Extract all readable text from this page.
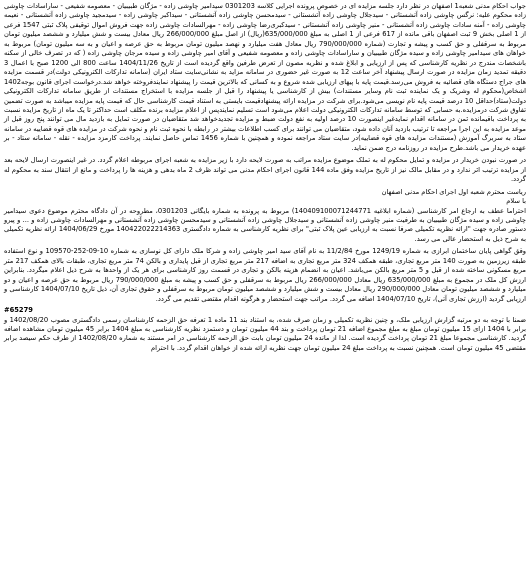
جواب احکام مدنی شعبه1 اصفهان در نظر دارد جلسه مزایده ای در خصوص پرونده اجرایی کلاسه 0301203 سیدامیر چاوشی زاده - مژگان طبیبیان - معصومه شفیعی - ساراسادات چاوشی زاده محکوم علیه: نرگس چاوشی زاده آتشستانی - سیدجلال چاوشی زاده آتشستانی - سیدمحسن چاوشی زاده آتشستانی - سیداکبر چاوشی زاده - سیدمجید چاوشی زاده آتشستانی - نعیمه چاوشی زاده - آمنه سادات چاوشی زاده آتشستانی - منیر چاوشی زاده آتشستانی - سیدکبری‌رضا چاوشی زاده - مهرالسادات چاوشی زاده جهت فروش اموال توقیفی پلاک ثبتی 1547 فرعی از 1 اصلی بخش 9 ثبت اصفهان باقی مانده از 617 فرعی از 1 اصلی به مبلغ 635/000/000(ریال) از اصل مبلغ 266/000/000 ریال معادل بیست و شش میلیارد و ششصد میلیون تومان مربوط به سرقفلی و حق کسب و پیشه و تجارت (شماره 790/000/000 ریال معادل هفت میلیارد و نهصد میلیون تومان مربوط به حق عرصه و اعیان و به سه میلیون تومان) مربوط به خواهان های سیدامیر چاوشی زاده و سیده مژگان طبیبیان و ساراسادات چاوشی زاده و معصومه شفیعی و آقای امیر چاوشی زاده و سیده مرجان چاوشی زاده ( که در تصرف خالی از سکنه باشخصات مندرج در نظریه کارشناسی که پس از ارزیابی و ابلاغ شده و نظریه مصون از تعرض طرفین واقع گردیده است از تاریخ 1404/11/26 ساعت 800 الی 1200 صبح با اعمال 3 دقیقه تمدید زمان مزایده در صورت ارسال پیشنهاد آخر ساعت 12 به صورت غیر حضوری در سامانه مزاید به نشانی‌سایت ستاد ایران (سامانه تدارکات الکترونیکی دولت)در قسمت مزایده های جراج دستگاه های قضائیه به فروش می‌رسد.قیمت پایه با پیهای ارزیابی شده شروع و به کسانی که بالاترین قیمت را پیشنهاد نمایندفروخته خواهد شد.درخواست اجرای قانون بوجه1402 اشخاص(محکوم له وشریک و یک نماینده ثبت نام وسایر مستندات) بیش از کارشناسی یا پیشنهاد را قبل از جلسه مزایده با استخراج مستندات از طریق سامانه تدارکات الکترونیکی دولت(ستاد)حداقل 10 درصد قیمت پایه نام نویسی می‌شود.برای شرکت در مزایده ارائه پیشنهادقیمت بایستی به استناد قیمت کارشناسی حال که قیمت پایه مزایده میباشد به صورت تضمین تفاوق شرکت درمزایده.به حسابی که توسط سامانه تدارکات الکترونیکی دولت اعلام می‌شود است تسلیم نمایندپس از اعلام مزایده برنده مکلف است حداکثر تا یک ماه از تاریخ مزایده نسبت به پرداخت باقیمانده ثمن در سامانه اقدام نمایدغیر اینصورت 10 درصد اولیه به نفع دولت ضبط و مزایده تجدیدخواهد شد متقاضیان در صورت تمایل به بازدید مال می توانند پنج روز قبل از موعد مزایده به این اجرا مراجعه تا ترتیب بازدید آنان داده شود، متقاضیان می توانند برای کسب اطلاعات بیشتر در رابطه با نحوه ثبت نام و نحوه شرکت در مزایده های قوه قضاییه در سامانه ستاد به سربرگ آموزش (مستندات مزایده های قوه قضاییه)در سایت ستاد مراجعه نموده و همچنین با شماره 1456 تماس حاصل نمایند. پرداخت کارمزد مزایده - نقله - سامانه ستاد - بر عهده خریدار می باشد.طرح مزایده در روزنامه درج ضمن نماید.

در صورت نبودن خریدار در مزایده و تمایل محکوم له به تملک موضوع مزایده مراتب به صورت لایحه دارد با زیر مزایده به شعبه اجرای مربوطه اعلام گردد. در غیر اینصورت ارسال لایحه بعد از مزایده ترتیب اثر ندارد و در مقابل مالک نیز از تاریخ مزایده وفق ماده 144 قانون اجرای احکام مدنی می تواند ظرف 2 ماه بدهی و هزینه ها را پرداخت و مانع از انتقال سند به محکوم له گردد.

ریاست محترم شعبه اول اجرای احکام مدنی اصفهان

با سلام

احتراما عطف به ارجاع امر کارشناسی (شماره ابلاغیه 140409100071244771) مربوط به پرونده به شماره بایگانی 0301203، مطروحه در آن دادگاه محترم موضوع دعوی سیدامیر چاوشی زاده و سیده مژگان طبیبیان به طرفیت منیر چاوشی زاده آتشستانی و سیدجلال چاوشی زاده آتشستانی و سیدمحسن چاوشی زاده آتشستانی و مهرالسادات چاوشی زاده و ... و پیرو دستور صادره جهت "ارائه نظریه تکمیلی صرفا نسبت به ارزیابی عین پلاک ثبتی" برای نظریه کارشناسی به شماره دادگستری 140422022214363 مورخ 1404/06/29 ارائه نظریه تکمیلی به شرح ذیل به استحضار عالی می رسد.

وقق گواهی پایان ساختمان ابرازی به شماره 1249/19 مورخ 11/2/84 به نام آقای سید امیر چاوشی زاده و شرکا ملک دارای کل نوسازی به شماره 10-09-252-109570 و نوع استفاده طبقه زیرزمین به صورت 140 متر مربع تجاری، طبقه همکف 324 متر مربع تجاری به اضافه 217 متر مربع تجاری از قبل پایداری و بالکن 74 متر مربع تجاری، طبقات بالای همکف 217 متر مربع مسکونی ساخته شده از قبل و 5 متر مربع بالکن می‌باشد. اعیان به انضمام هزینه بالکن و تجاری در قسمت روز کارشناسی برای هر یک از واحدها به شرح ذیل اعلام میگردد. بنابراین ارزش کل ملک در مجموع به مبلغ 635/000/000 ریال معادل 266/000/000 ریال مربوط به سرقفلی و حق کسب و پیشه به مبلغ 790/000/000 ریال مربوط به حق عرصه و اعیان و دو میلیارد و ششصد میلیون تومان معادل 290/000/000 ریال معادل بیست و شش میلیارد و ششصد میلیون تومان مربوط به سرقفلی و حقوق تجاری آن، ذیل تاریخ 1404/07/10 کارشناسی و ارزیابی گردید (ارزش تجاری آتی)، تاریخ 1404/07/10 اضافه می گردد. مراتب جهت استحضار و هرگونه اقدام مقتضی تقدیم می گردد.

#65279

ضمنا با توجه به دو مرتبه گزارش ارزیابی ملک، و چنین نظریه تکمیلی و زمان صرف شده، به استناد بند 11 ماده 1 تعرفه حق الزحمه کارشناسان رسمی دادگستری مصوب 1402/08/20 و برابر با 1404 ازای 15 میلیون تومان مبلغ به مبلغ مجموع اضافه 21 تومان پرداخت و بند 44 میلیون تومان و دستمزد نظریه کارشناسی به مبلغ 1404 برابر 45 میلیون تومان مشاهده اضافه گردید. کارشناسی مجموعا مبلغ 21 تومان پرداخت گردیده است. لذا از مانده 24 میلیون تومان بابت حق الزحمه کارشناسی در امر مستند به شماره 1402/08/20 از طرف حکم سیصد برابر مقتضی 45 میلیون تومان است. همچنین نسبت به پرداخت مبلغ 24 میلیون تومان جهت نظریه ارائه شده از خواهان اقدام گردد. با احترام
